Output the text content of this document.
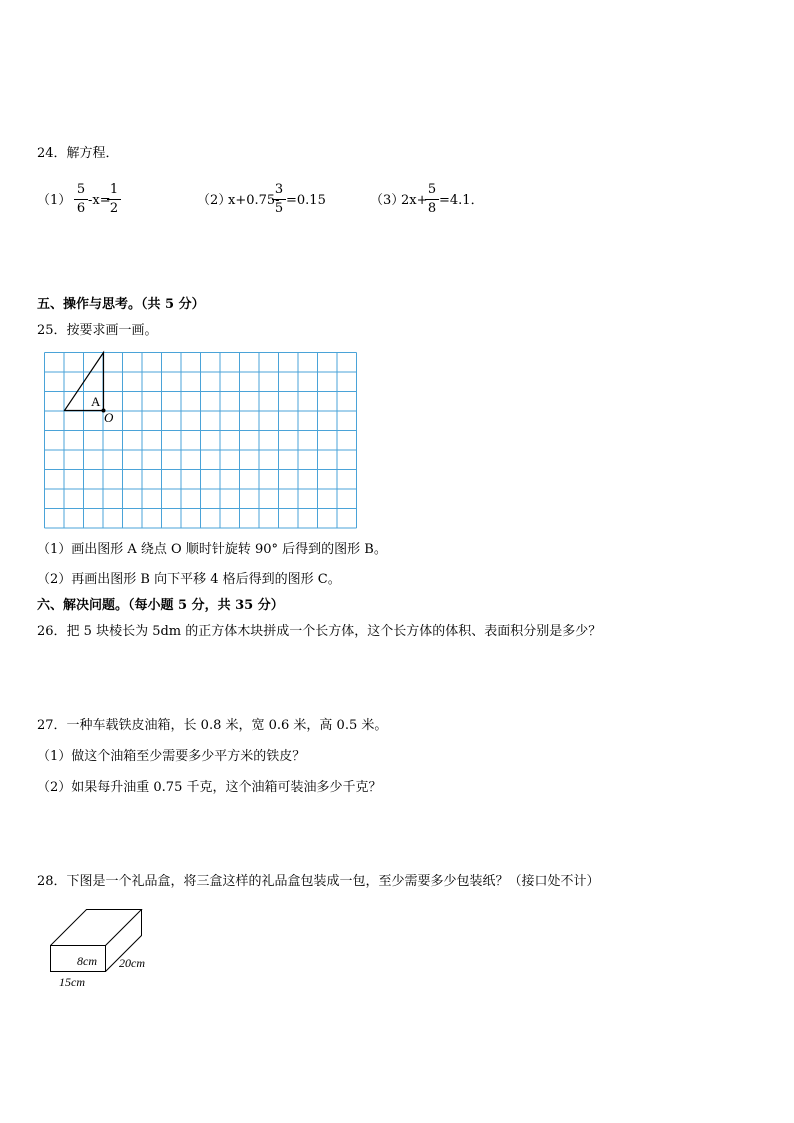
24．解方程．
（1）
5
6
-x=
1
2
（2）
x+0.75-
3
5
=0.15	（3）
2x+
5
8
=4.1．
五、操作与思考。（共 5 分）
25．按要求画一画。
A
O
（1）画出图形 A 绕点 O 顺时针旋转 90° 后得到的图形 B。
（2）再画出图形 B 向下平移 4 格后得到的图形 C。
六、解决问题。（每小题 5 分，共 35 分）
26．把 5 块棱长为 5dm 的正方体木块拼成一个长方体，这个长方体的体积、表面积分别是多少？
27．一种车载铁皮油箱，长 0.8 米，宽 0.6 米，高 0.5 米。
（1）做这个油箱至少需要多少平方米的铁皮？
（2）如果每升油重 0.75 千克，这个油箱可装油多少千克？
28．下图是一个礼品盒，将三盒这样的礼品盒包装成一包，至少需要多少包装纸？（接口处不计）
8cm 20cm
15cm
